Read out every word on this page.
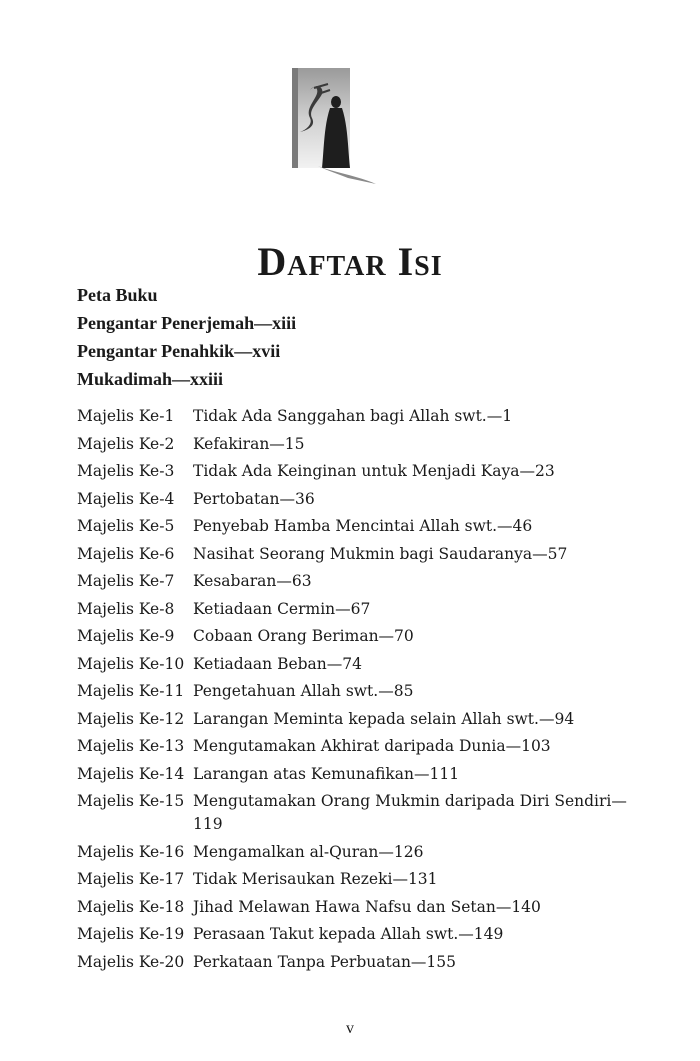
Daftar Isi
Peta Buku
Pengantar Penerjemah—xiii
Pengantar Penahkik—xvii
Mukadimah—xxiii
Majelis Ke-1	Tidak Ada Sanggahan bagi Allah swt.—1
Majelis Ke-2	Kefakiran—15
Majelis Ke-3	Tidak Ada Keinginan untuk Menjadi Kaya—23
Majelis Ke-4	Pertobatan—36
Majelis Ke-5	Penyebab Hamba Mencintai Allah swt.—46
Majelis Ke-6	Nasihat Seorang Mukmin bagi Saudaranya—57
Majelis Ke-7	Kesabaran—63
Majelis Ke-8	Ketiadaan Cermin—67
Majelis Ke-9	Cobaan Orang Beriman—70
Majelis Ke-10 Ketiadaan Beban—74
Majelis Ke-11 Pengetahuan Allah swt.—85
Majelis Ke-12 Larangan Meminta kepada selain Allah swt.—94
Majelis Ke-13 Mengutamakan Akhirat daripada Dunia—103
Majelis Ke-14 Larangan atas Kemunafikan—111
Majelis Ke-15 Mengutamakan Orang Mukmin daripada Diri Sendiri—119
Majelis Ke-16 Mengamalkan al-Quran—126
Majelis Ke-17 Tidak Merisaukan Rezeki—131
Majelis Ke-18 Jihad Melawan Hawa Nafsu dan Setan—140
Majelis Ke-19 Perasaan Takut kepada Allah swt.—149
Majelis Ke-20 Perkataan Tanpa Perbuatan—155
v
